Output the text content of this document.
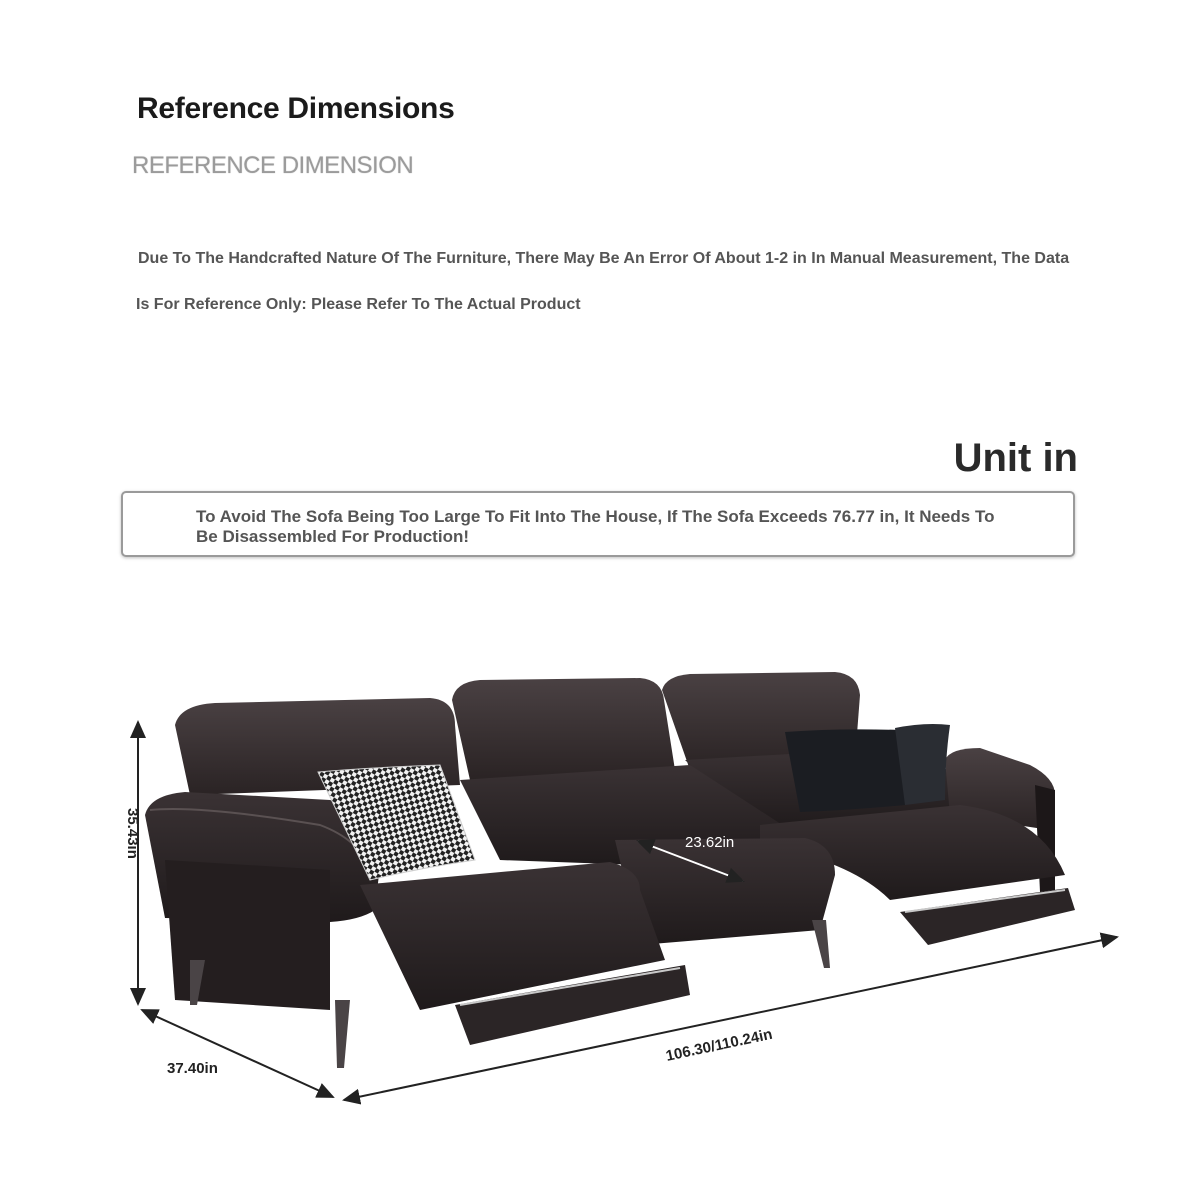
Reference Dimensions
REFERENCE DIMENSION
Due To The Handcrafted Nature Of The Furniture, There May Be An Error Of About 1-2 in In Manual Measurement, The Data
Is For Reference Only: Please Refer To The Actual Product
Unit in
To Avoid The Sofa Being Too Large To Fit Into The House, If The Sofa Exceeds 76.77 in, It Needs To Be Disassembled For Production!
35.43in
37.40in
106.30/110.24in
23.62in
